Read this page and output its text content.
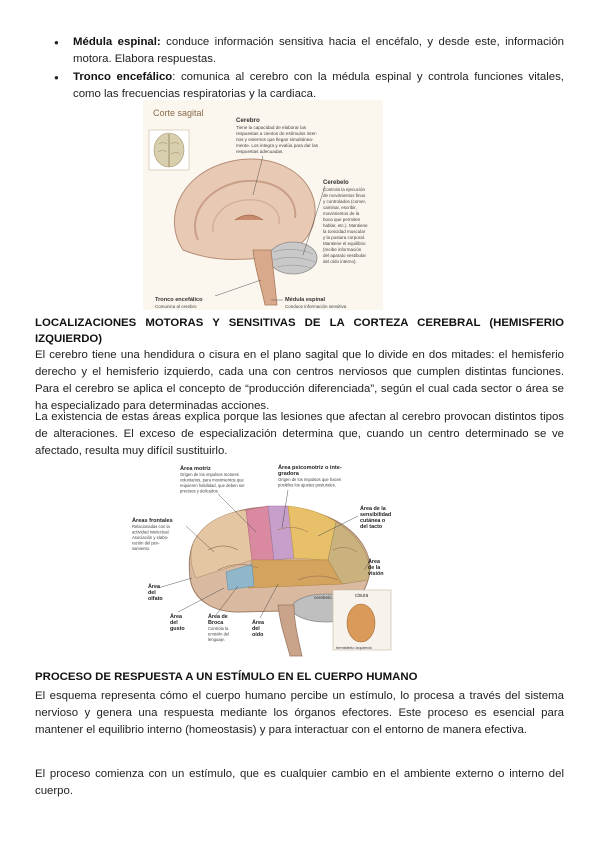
● Médula espinal: conduce información sensitiva hacia el encéfalo, y desde este, información motora. Elabora respuestas.
● Tronco encefálico: comunica al cerebro con la médula espinal y controla funciones vitales, como las frecuencias respiratorias y la cardiaca.
Corte sagital
Cerebro
Tiene la capacidad de elaborar las respuestas a cientos de estímulos inter- nos y externos que llegan simultánea- mente. Los integra y evalúa para dar las respuestas adecuadas.
Cerebelo
Controla la ejecución de movimientos finos y controlados (comer, caminar, escribir, movimientos de la boca que permiten hablar, etc.). Mantiene la tonicidad muscular y la postura corporal. Mantiene el equilibrio (recibe información del aparato vestibular del oído interno).
Tronco encefálico
Comunica al cerebro
Médula espinal
Conduce información sensitiva

LOCALIZACIONES MOTORAS Y SENSITIVAS DE LA CORTEZA CEREBRAL (HEMISFERIO IZQUIERDO)

El cerebro tiene una hendidura o cisura en el plano sagital que lo divide en dos mitades: el hemisferio derecho y el hemisferio izquierdo, cada una con centros nerviosos que cumplen distintas funciones. Para el cerebro se aplica el concepto de “producción diferenciada”, según el cual cada sector o área se ha especializado para determinadas acciones.

La existencia de estas áreas explica porque las lesiones que afectan al cerebro provocan distintos tipos de alteraciones. El exceso de especialización determina que, cuando un centro determinado se ve afectado, resulta muy difícil sustituirlo.

cisura
hemisferio izquierdo
Área motriz
Origen de los impulsos motores voluntarios, para movimientos que requieren habilidad, que deben ser precisos y delicados.
Área psicomotriz o inte- gradora
Origen de los impulsos que hacen posibles los ajustes posturales.
Áreas frontales
Relacionadas con la actividad intelectual. Asociación y elabo- ración del pen- samiento.
Área de la sensibilidad cutánea o del tacto
Área de la visión
Área del olfato
Área del gusto
Área de Broca
Controla la emisión del lenguaje.
Área del oído
cerebelo

PROCESO DE RESPUESTA A UN ESTÍMULO EN EL CUERPO HUMANO

El esquema representa cómo el cuerpo humano percibe un estímulo, lo procesa a través del sistema nervioso y genera una respuesta mediante los órganos efectores. Este proceso es esencial para mantener el equilibrio interno (homeostasis) y para interactuar con el entorno de manera efectiva.

El proceso comienza con un estímulo, que es cualquier cambio en el ambiente externo o interno del cuerpo.
